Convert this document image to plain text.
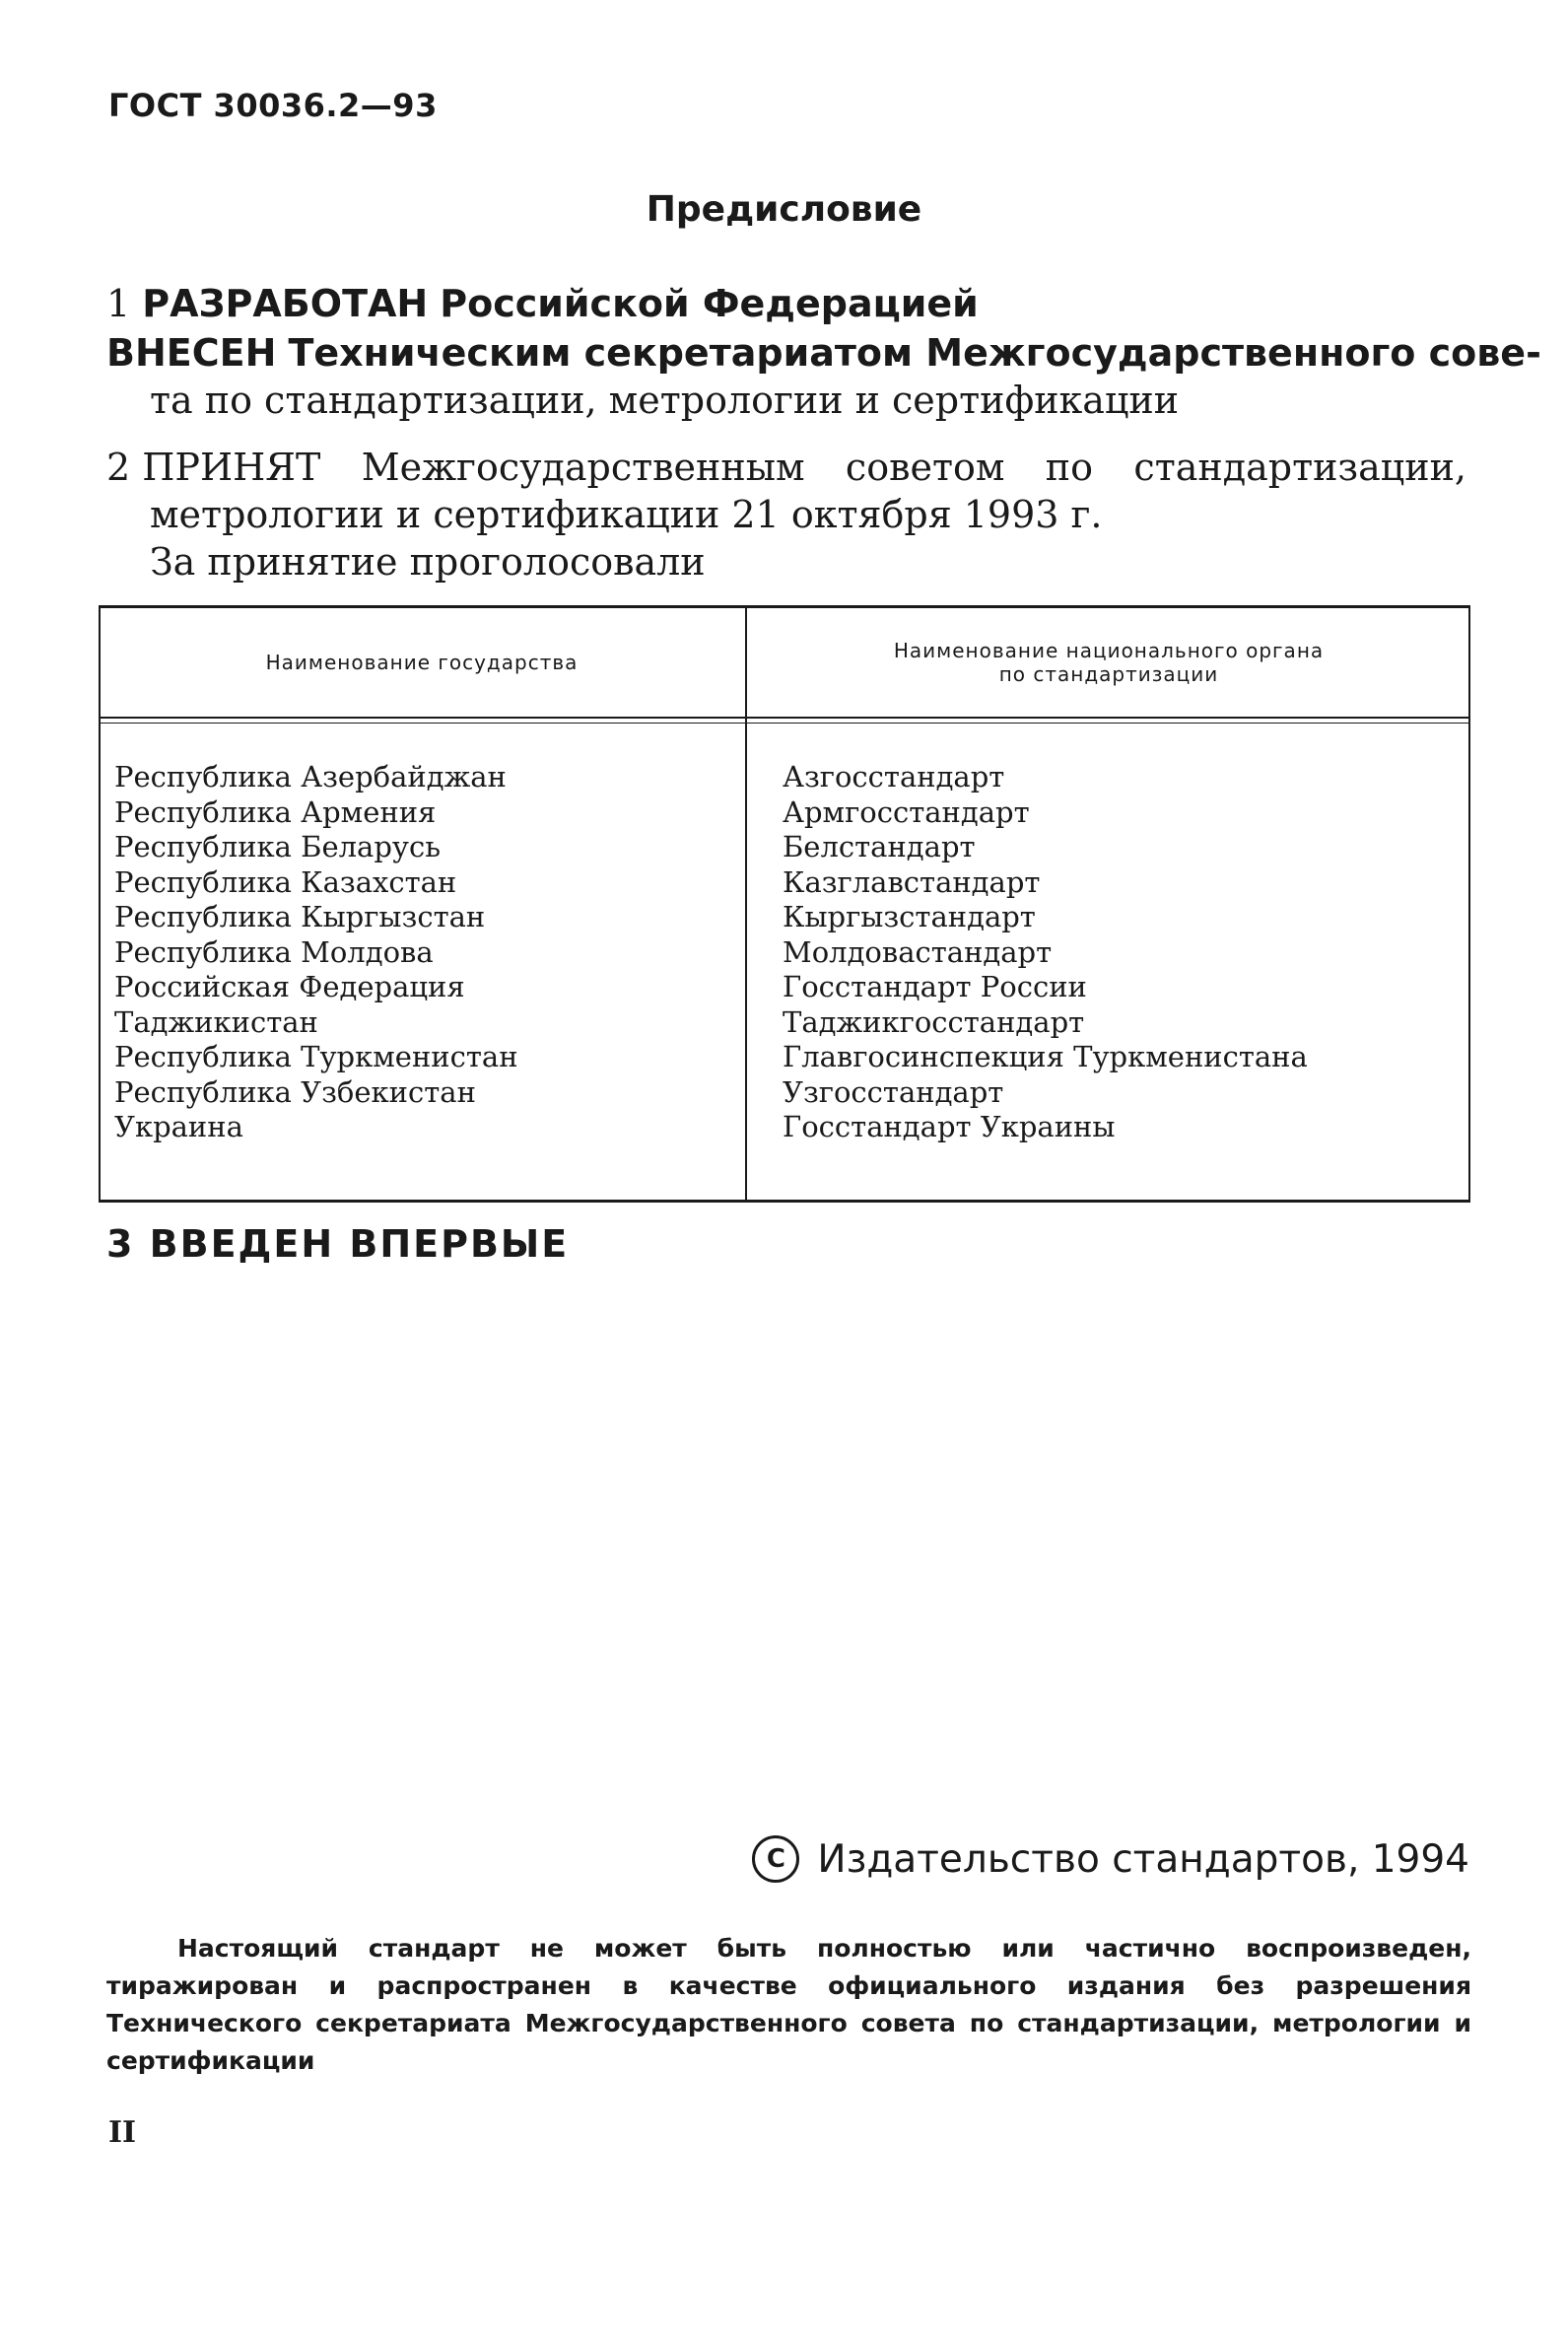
ГОСТ 30036.2—93
Предисловие
1 РАЗРАБОТАН Российской Федерацией
ВНЕСЕН Техническим секретариатом Межгосударственного сове-
та по стандартизации, метрологии и сертификации
2 ПРИНЯТ Межгосударственным советом по стандартизации,
метрологии и сертификации 21 октября 1993 г.
За принятие проголосовали
Наименование государства	Наименование национального органа
по стандартизации
Республика Азербайджан
Республика Армения
Республика Беларусь
Республика Казахстан
Республика Кыргызстан
Республика Молдова
Российская Федерация
Таджикистан
Республика Туркменистан
Республика Узбекистан
Украина
Азгосстандарт
Армгосстандарт
Белстандарт
Казглавстандарт
Кыргызстандарт
Молдовастандарт
Госстандарт России
Таджикгосстандарт
Главгосинспекция Туркменистана
Узгосстандарт
Госстандарт Украины
3 ВВЕДЕН ВПЕРВЫЕ
C Издательство стандартов, 1994
Настоящий стандарт не может быть полностью или частично воспроизведен, тиражирован и распространен в качестве официального издания без разрешения Технического секретариата Межгосударственного совета по стандартизации, метрологии и сертификации
II
